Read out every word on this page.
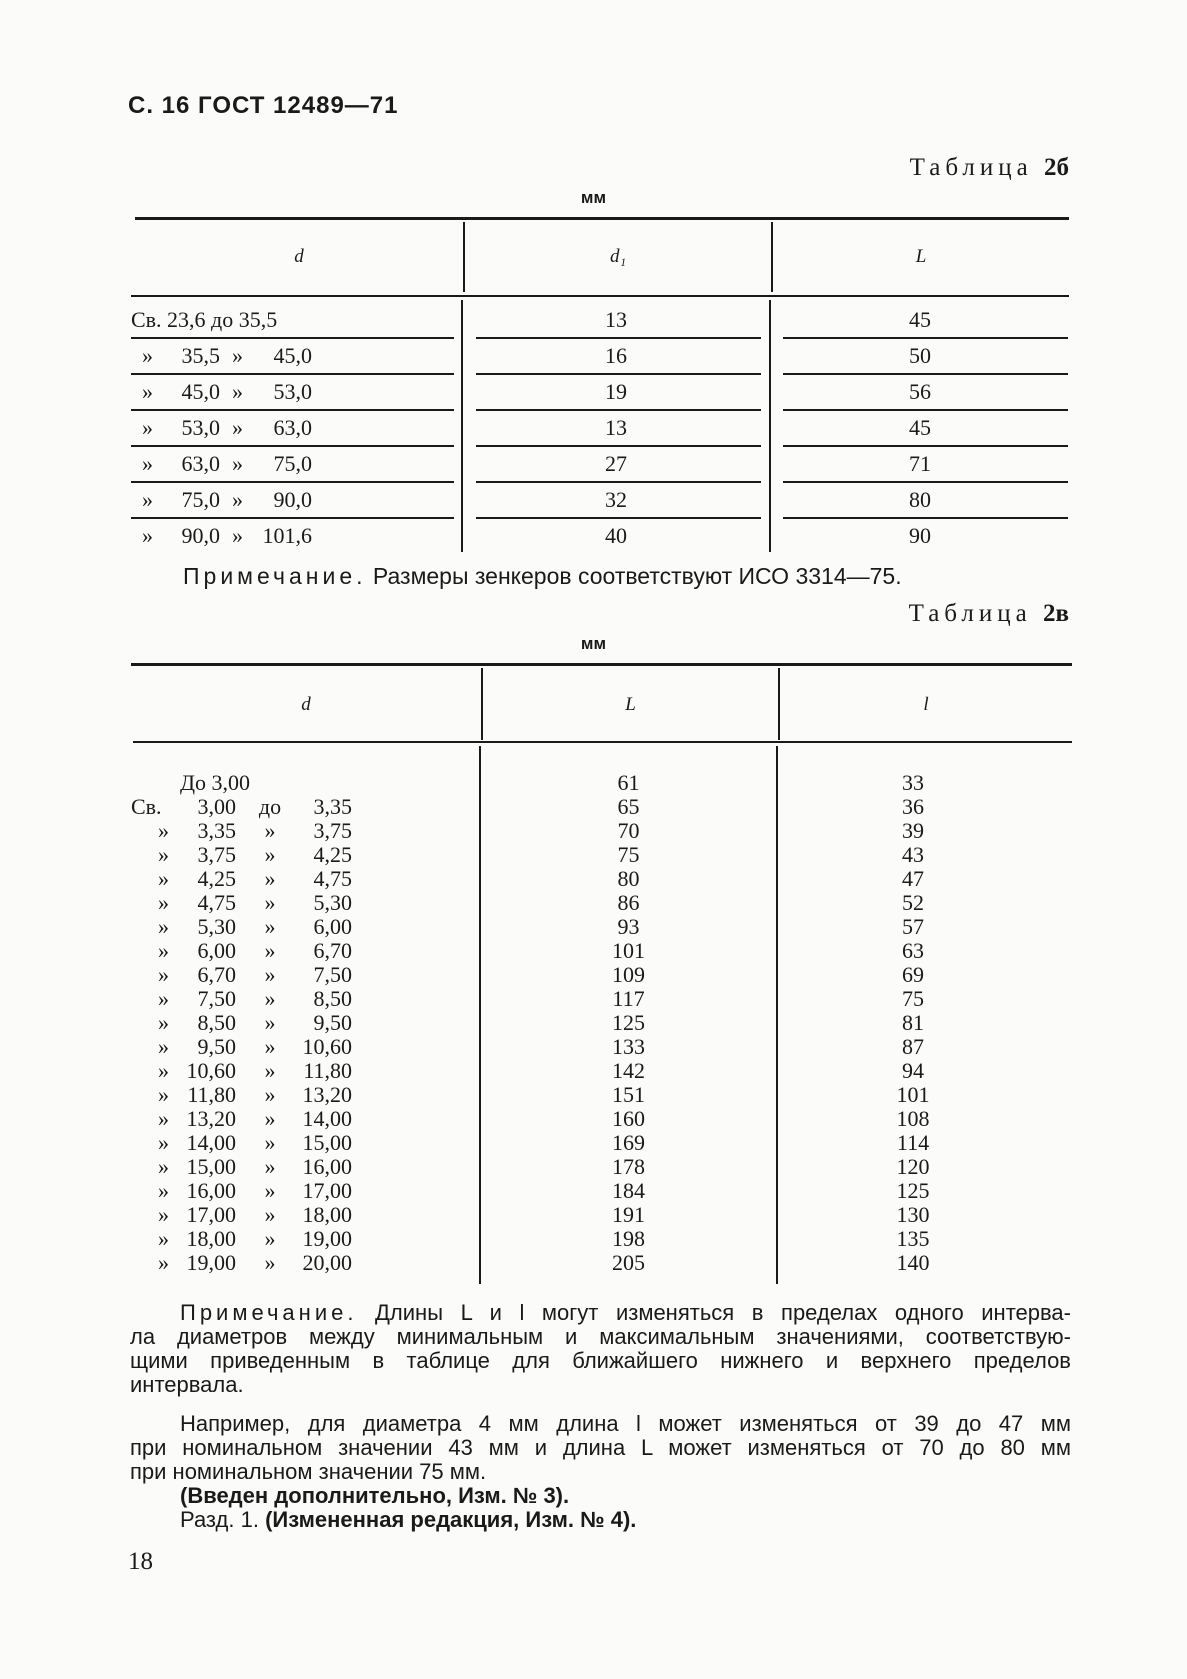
С. 16 ГОСТ 12489—71
Таблица 2б
мм
d	d₁	L
Св. 23,6 до 35,5	13	45
»	35,5 »	45,0	16	50
»	45,0 »	53,0	19	56
»	53,0 »	63,0	13	45
»	63,0 »	75,0	27	71
»	75,0 »	90,0	32	80
»	90,0 » 101,6	40	90
Примечание. Размеры зенкеров соответствуют ИСО 3314—75.
Таблица 2в
мм
d	L	l
До 3,00	61	33
Св.	3,00	до	3,35	65	36
»	3,35	»	3,75	70	39
»	3,75	»	4,25	75	43
»	4,25	»	4,75	80	47
»	4,75	»	5,30	86	52
»	5,30	»	6,00	93	57
»	6,00	»	6,70	101	63
»	6,70	»	7,50	109	69
»	7,50	»	8,50	117	75
»	8,50	»	9,50	125	81
»	9,50	»	10,60	133	87
» 10,60	»	11,80	142	94
» 11,80	»	13,20	151	101
» 13,20	»	14,00	160	108
» 14,00	»	15,00	169	114
» 15,00	»	16,00	178	120
» 16,00	»	17,00	184	125
» 17,00	»	18,00	191	130
» 18,00	»	19,00	198	135
» 19,00	»	20,00	205	140
Примечание. Длины L и l могут изменяться в пределах одного интерва-
ла диаметров между минимальным и максимальным значениями, соответствую-
щими приведенным в таблице для ближайшего нижнего и верхнего пределов
интервала.
Например, для диаметра 4 мм длина l может изменяться от 39 до 47 мм
при номинальном значении 43 мм и длина L может изменяться от 70 до 80 мм
при номинальном значении 75 мм.
(Введен дополнительно, Изм. № 3).
Разд. 1. (Измененная редакция, Изм. № 4).
18
